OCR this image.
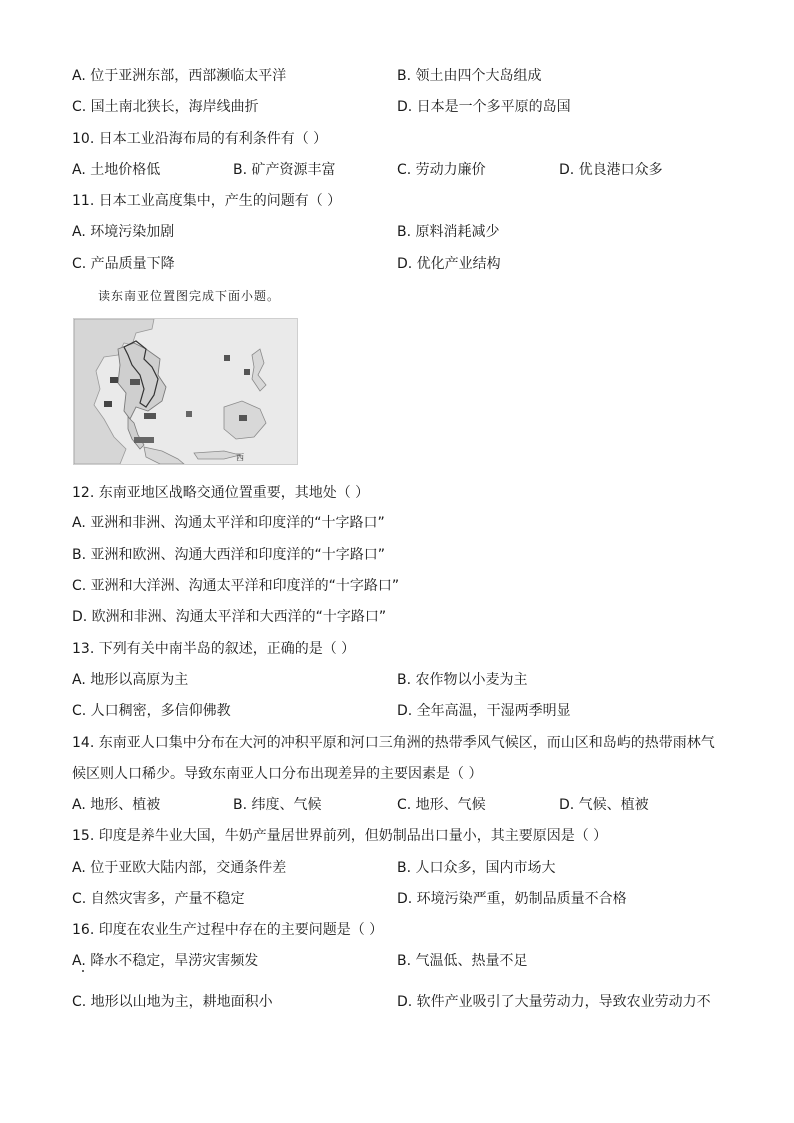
A. 位于亚洲东部，西部濒临太平洋	B. 领土由四个大岛组成
C. 国土南北狭长，海岸线曲折	D. 日本是一个多平原的岛国
10. 日本工业沿海布局的有利条件有（ ）
A. 土地价格低	B. 矿产资源丰富	C. 劳动力廉价	D. 优良港口众多
11. 日本工业高度集中，产生的问题有（ ）
A. 环境污染加剧	B. 原料消耗减少
C. 产品质量下降	D. 优化产业结构
读东南亚位置图完成下面小题。
西
12. 东南亚地区战略交通位置重要，其地处（ ）
A. 亚洲和非洲、沟通太平洋和印度洋的“十字路口”
B. 亚洲和欧洲、沟通大西洋和印度洋的“十字路口”
C. 亚洲和大洋洲、沟通太平洋和印度洋的“十字路口”
D. 欧洲和非洲、沟通太平洋和大西洋的“十字路口”
13. 下列有关中南半岛的叙述，正确的是（ ）
A. 地形以高原为主	B. 农作物以小麦为主
C. 人口稠密，多信仰佛教	D. 全年高温，干湿两季明显
14. 东南亚人口集中分布在大河的冲积平原和河口三角洲的热带季风气候区，而山区和岛屿的热带雨林气
候区则人口稀少。导致东南亚人口分布出现差异的主要因素是（ ）
A. 地形、植被	B. 纬度、气候	C. 地形、气候	D. 气候、植被
15. 印度是养牛业大国，牛奶产量居世界前列，但奶制品出口量小，其主要原因是（ ）
A. 位于亚欧大陆内部，交通条件差	B. 人口众多，国内市场大
C. 自然灾害多，产量不稳定	D. 环境污染严重，奶制品质量不合格
16. 印度在农业生产过程中存在的主要问题是（ ）
A. 降水不稳定，旱涝灾害频发	B. 气温低、热量不足
C. 地形以山地为主，耕地面积小	D. 软件产业吸引了大量劳动力，导致农业劳动力不
